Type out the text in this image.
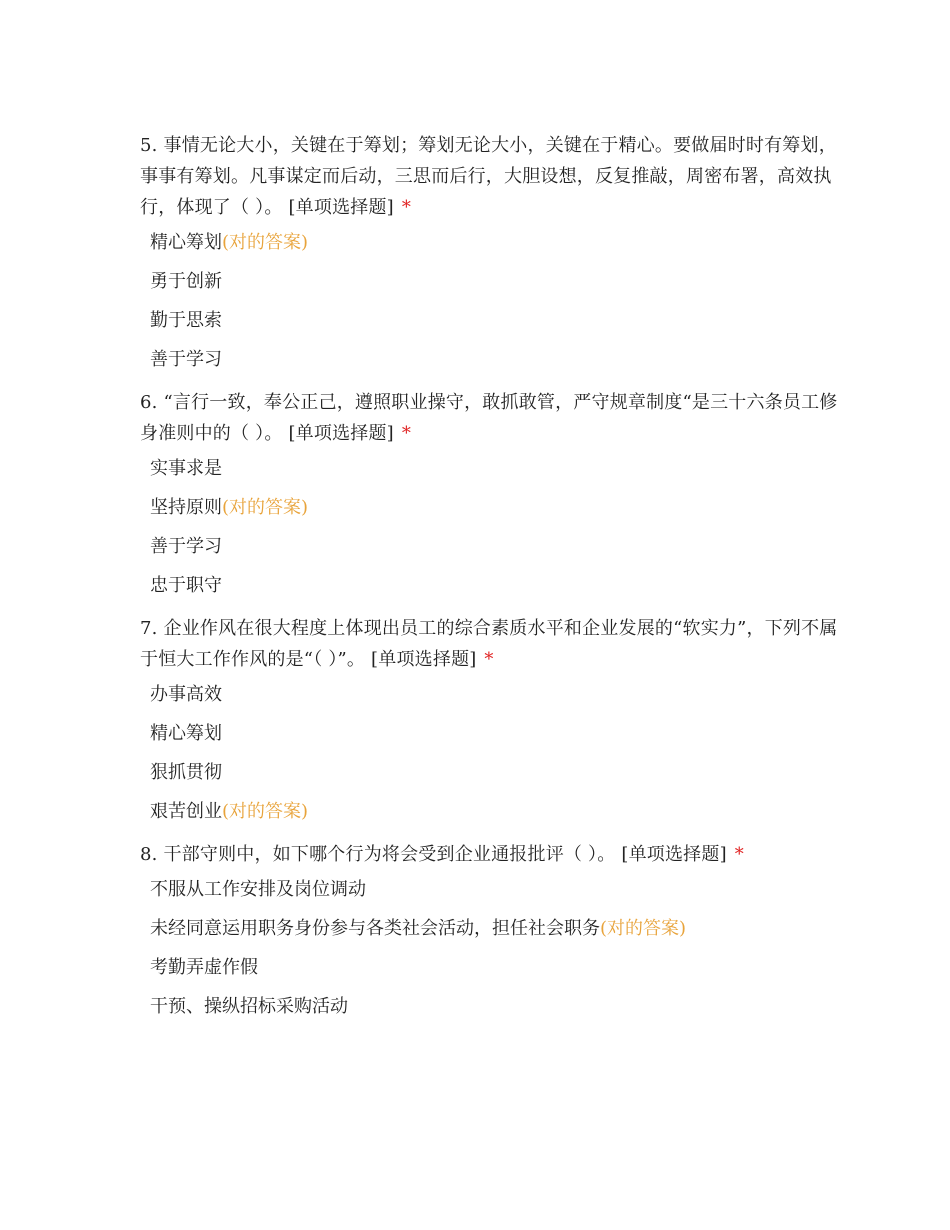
5. 事情无论大小，关键在于筹划；筹划无论大小，关键在于精心。要做届时时有筹划，事事有筹划。凡事谋定而后动，三思而后行，大胆设想，反复推敲，周密布署，高效执行，体现了（ ）。 [单项选择题] *

精心筹划(对的答案)
勇于创新
勤于思索
善于学习

6. “言行一致，奉公正己，遵照职业操守，敢抓敢管，严守规章制度“是三十六条员工修身准则中的（ ）。 [单项选择题] *

实事求是
坚持原则(对的答案)
善于学习
忠于职守

7. 企业作风在很大程度上体现出员工的综合素质水平和企业发展的“软实力”，下列不属于恒大工作作风的是“（ ）”。 [单项选择题] *

办事高效
精心筹划
狠抓贯彻
艰苦创业(对的答案)

8. 干部守则中，如下哪个行为将会受到企业通报批评（ ）。 [单项选择题] *

不服从工作安排及岗位调动
未经同意运用职务身份参与各类社会活动，担任社会职务(对的答案)
考勤弄虚作假
干预、操纵招标采购活动
